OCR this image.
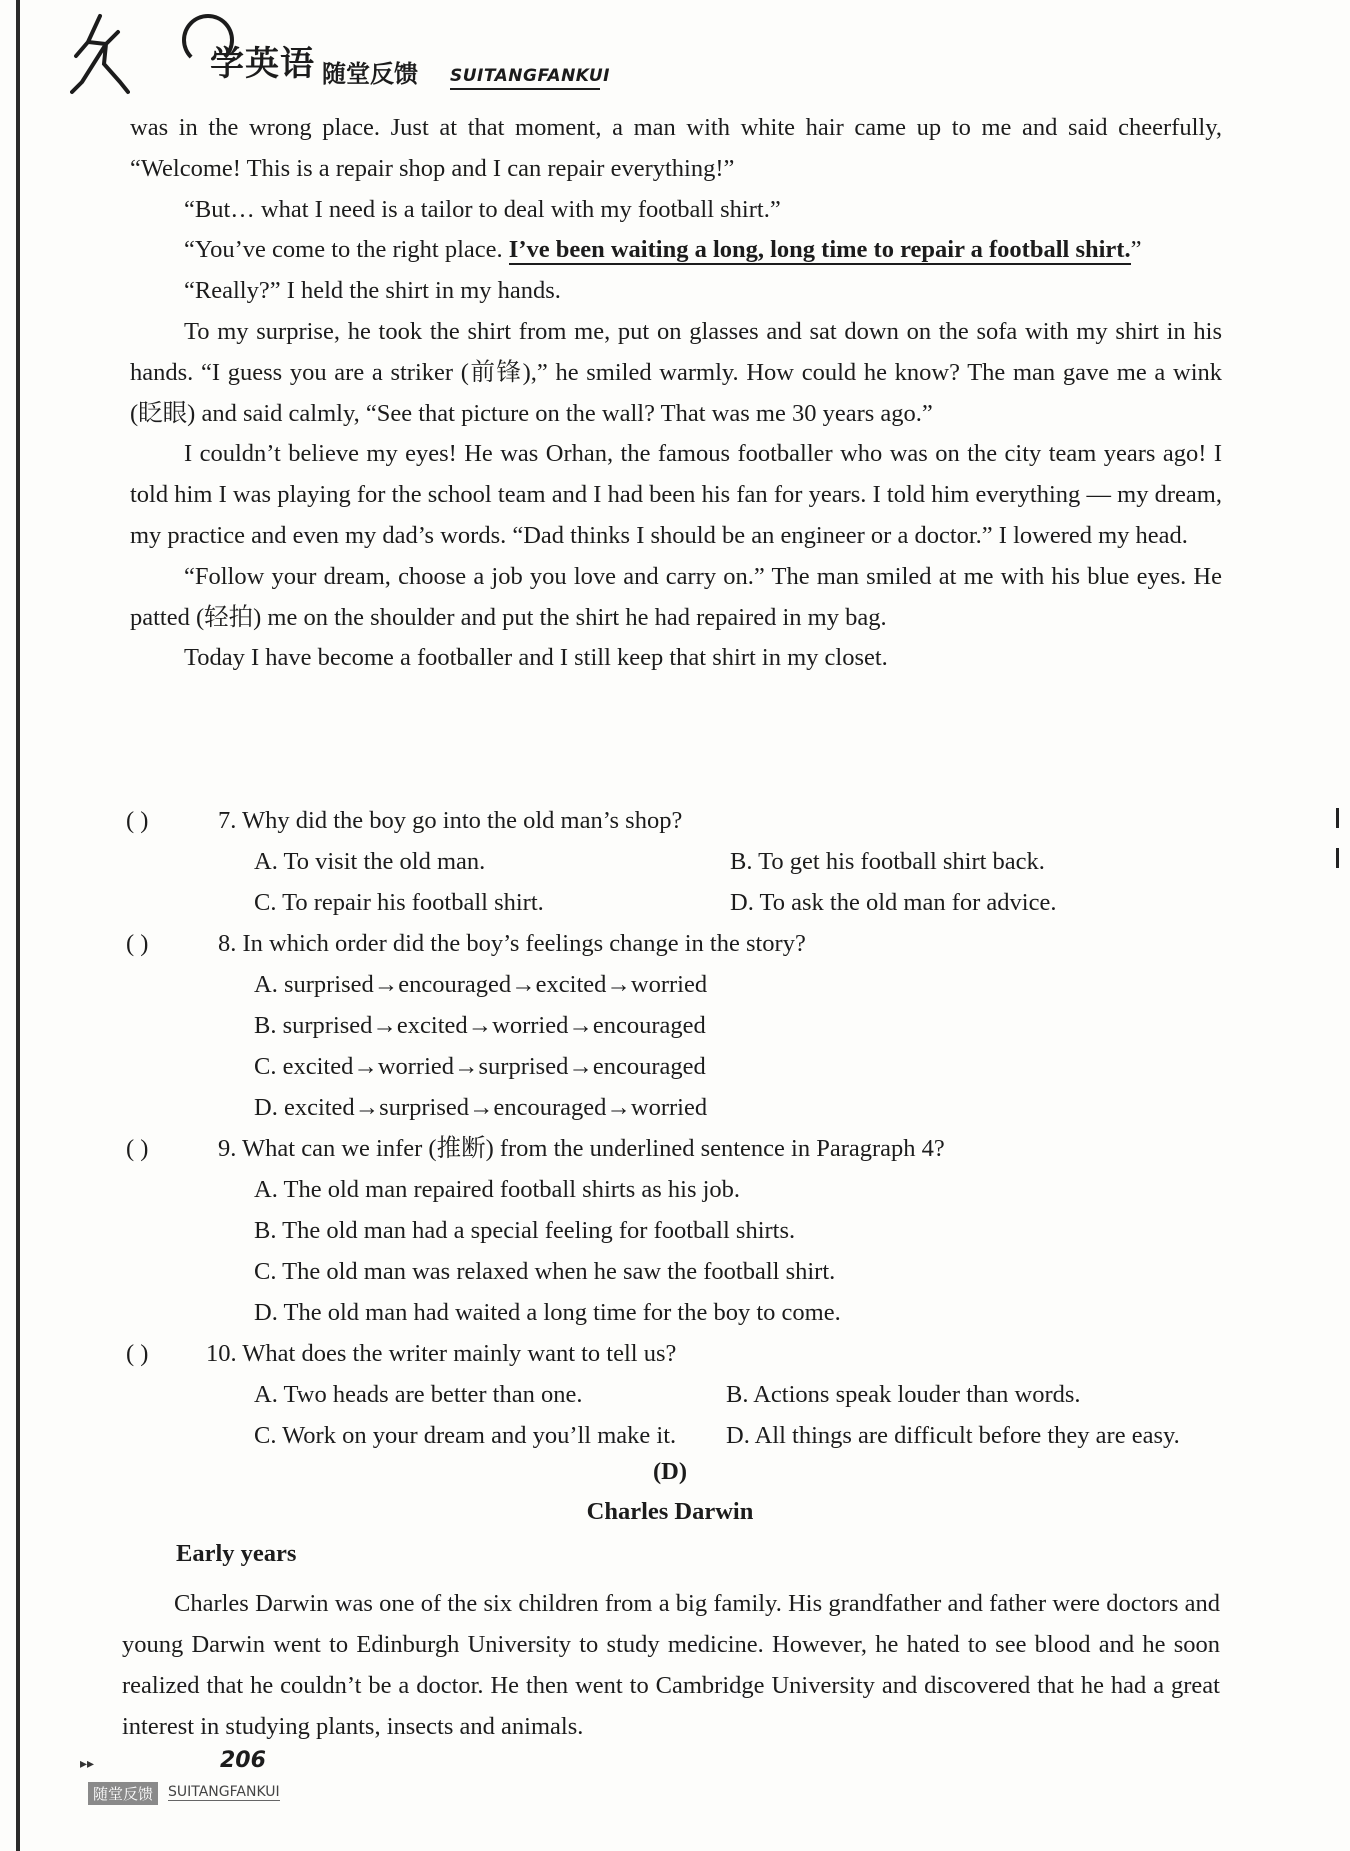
学英语 随堂反馈 SUITANGFANKUI
was in the wrong place. Just at that moment, a man with white hair came up to me and said cheerfully, “Welcome! This is a repair shop and I can repair everything!”
“But… what I need is a tailor to deal with my football shirt.”
“You’ve come to the right place. I’ve been waiting a long, long time to repair a football shirt.”
“Really?” I held the shirt in my hands.
To my surprise, he took the shirt from me, put on glasses and sat down on the sofa with my shirt in his hands. “I guess you are a striker (前锋),” he smiled warmly. How could he know? The man gave me a wink (眨眼) and said calmly, “See that picture on the wall? That was me 30 years ago.”
I couldn’t believe my eyes! He was Orhan, the famous footballer who was on the city team years ago! I told him I was playing for the school team and I had been his fan for years. I told him everything — my dream, my practice and even my dad’s words. “Dad thinks I should be an engineer or a doctor.” I lowered my head.
“Follow your dream, choose a job you love and carry on.” The man smiled at me with his blue eyes. He patted (轻拍) me on the shoulder and put the shirt he had repaired in my bag.
Today I have become a footballer and I still keep that shirt in my closet.
( )	7. Why did the boy go into the old man’s shop?
A. To visit the old man.	B. To get his football shirt back.
C. To repair his football shirt.	D. To ask the old man for advice.
( )	8. In which order did the boy’s feelings change in the story?
A. surprised→encouraged→excited→worried
B. surprised→excited→worried→encouraged
C. excited→worried→surprised→encouraged
D. excited→surprised→encouraged→worried
( )	9. What can we infer (推断) from the underlined sentence in Paragraph 4?
A. The old man repaired football shirts as his job.
B. The old man had a special feeling for football shirts.
C. The old man was relaxed when he saw the football shirt.
D. The old man had waited a long time for the boy to come.
( ) 10. What does the writer mainly want to tell us?
A. Two heads are better than one.	B. Actions speak louder than words.
C. Work on your dream and you’ll make it. D. All things are difficult before they are easy.
(D)
Charles Darwin
Early years
Charles Darwin was one of the six children from a big family. His grandfather and father were doctors and young Darwin went to Edinburgh University to study medicine. However, he hated to see blood and he soon realized that he couldn’t be a doctor. He then went to Cambridge University and discovered that he had a great interest in studying plants, insects and animals.
▸▸	206
随堂反馈	SUITANGFANKUI
